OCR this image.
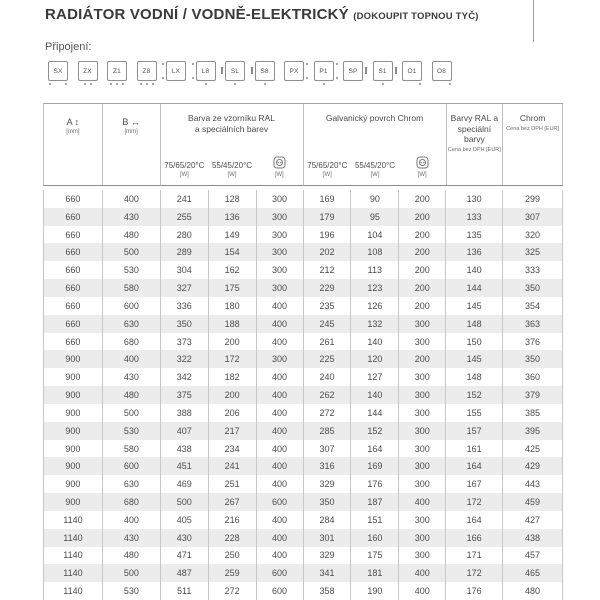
RADIÁTOR VODNÍ / VODNĚ-ELEKTRICKÝ (DOKOUPIT TOPNOU TYČ)
Připojení:
SX	ZX	Z1	Z8	LX	L8	SL	S8	PX	P1	SP	S1	O1	O8
A ↕
[mm]
B ↔
[mm]
Barva ze vzorníku RAL
a speciálních barev
75/65/20°C
[W]
55/45/20°C
[W]	[W]
Galvanický povrch Chrom
75/65/20°C
[W]
55/45/20°C
[W]	[W]
Barvy RAL a
speciální barvy
Cena bez DPH [EUR]
Chrom
Cena bez DPH [EUR]
660	400	241	128	300	169	90	200	130	299
660	430	255	136	300	179	95	200	133	307
660	480	280	149	300	196	104	200	135	320
660	500	289	154	300	202	108	200	136	325
660	530	304	162	300	212	113	200	140	333
660	580	327	175	300	229	123	200	144	350
660	600	336	180	400	235	126	200	145	354
660	630	350	188	400	245	132	300	148	363
660	680	373	200	400	261	140	300	150	376
900	400	322	172	300	225	120	200	145	350
900	430	342	182	400	240	127	300	148	360
900	480	375	200	400	262	140	300	152	379
900	500	388	206	400	272	144	300	155	385
900	530	407	217	400	285	152	300	157	395
900	580	438	234	400	307	164	300	161	425
900	600	451	241	400	316	169	300	164	429
900	630	469	251	400	329	176	300	167	443
900	680	500	267	600	350	187	400	172	459
1140	400	405	216	400	284	151	300	164	427
1140	430	430	228	400	301	160	300	166	438
1140	480	471	250	400	329	175	300	171	457
1140	500	487	259	600	341	181	400	172	465
1140	530	511	272	600	358	190	400	176	480
